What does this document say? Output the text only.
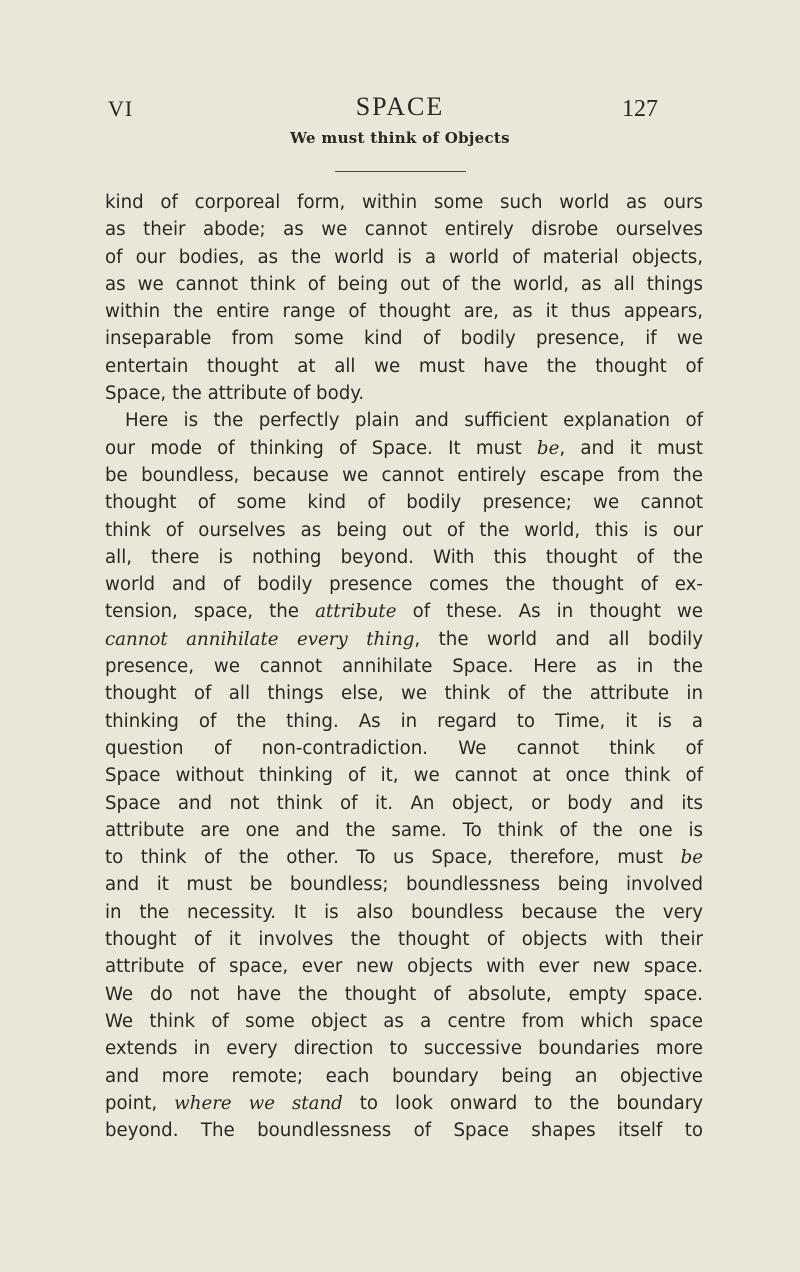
VI	SPACE	127
We must think of Objects
kind of corporeal form, within some such world as ours
as their abode; as we cannot entirely disrobe ourselves
of our bodies, as the world is a world of material objects,
as we cannot think of being out of the world, as all things
within the entire range of thought are, as it thus appears,
inseparable from some kind of bodily presence, if we
entertain thought at all we must have the thought of
Space, the attribute of body.
Here is the perfectly plain and sufficient explanation of
our mode of thinking of Space. It must be, and it must
be boundless, because we cannot entirely escape from the
thought of some kind of bodily presence; we cannot
think of ourselves as being out of the world, this is our
all, there is nothing beyond. With this thought of the
world and of bodily presence comes the thought of ex-
tension, space, the attribute of these. As in thought we
cannot annihilate every thing, the world and all bodily
presence, we cannot annihilate Space. Here as in the
thought of all things else, we think of the attribute in
thinking of the thing. As in regard to Time, it is a
question of non-contradiction. We cannot think of
Space without thinking of it, we cannot at once think of
Space and not think of it. An object, or body and its
attribute are one and the same. To think of the one is
to think of the other. To us Space, therefore, must be
and it must be boundless; boundlessness being involved
in the necessity. It is also boundless because the very
thought of it involves the thought of objects with their
attribute of space, ever new objects with ever new space.
We do not have the thought of absolute, empty space.
We think of some object as a centre from which space
extends in every direction to successive boundaries more
and more remote; each boundary being an objective
point, where we stand to look onward to the boundary
beyond. The boundlessness of Space shapes itself to
